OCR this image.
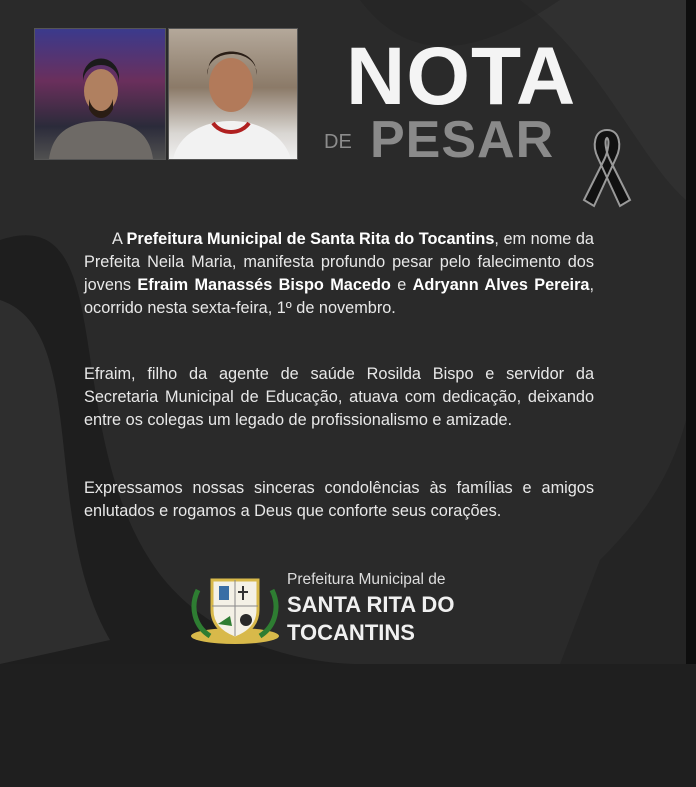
NOTA
DE PESAR
A Prefeitura Municipal de Santa Rita do Tocantins, em nome da Prefeita Neila Maria, manifesta profundo pesar pelo falecimento dos jovens Efraim Manassés Bispo Macedo e Adryann Alves Pereira, ocorrido nesta sexta-feira, 1º de novembro.
Efraim, filho da agente de saúde Rosilda Bispo e servidor da Secretaria Municipal de Educação, atuava com dedicação, deixando entre os colegas um legado de profissionalismo e amizade.
Expressamos nossas sinceras condolências às famílias e amigos enlutados e rogamos a Deus que conforte seus corações.
Prefeitura Municipal de
SANTA RITA DO
TOCANTINS
